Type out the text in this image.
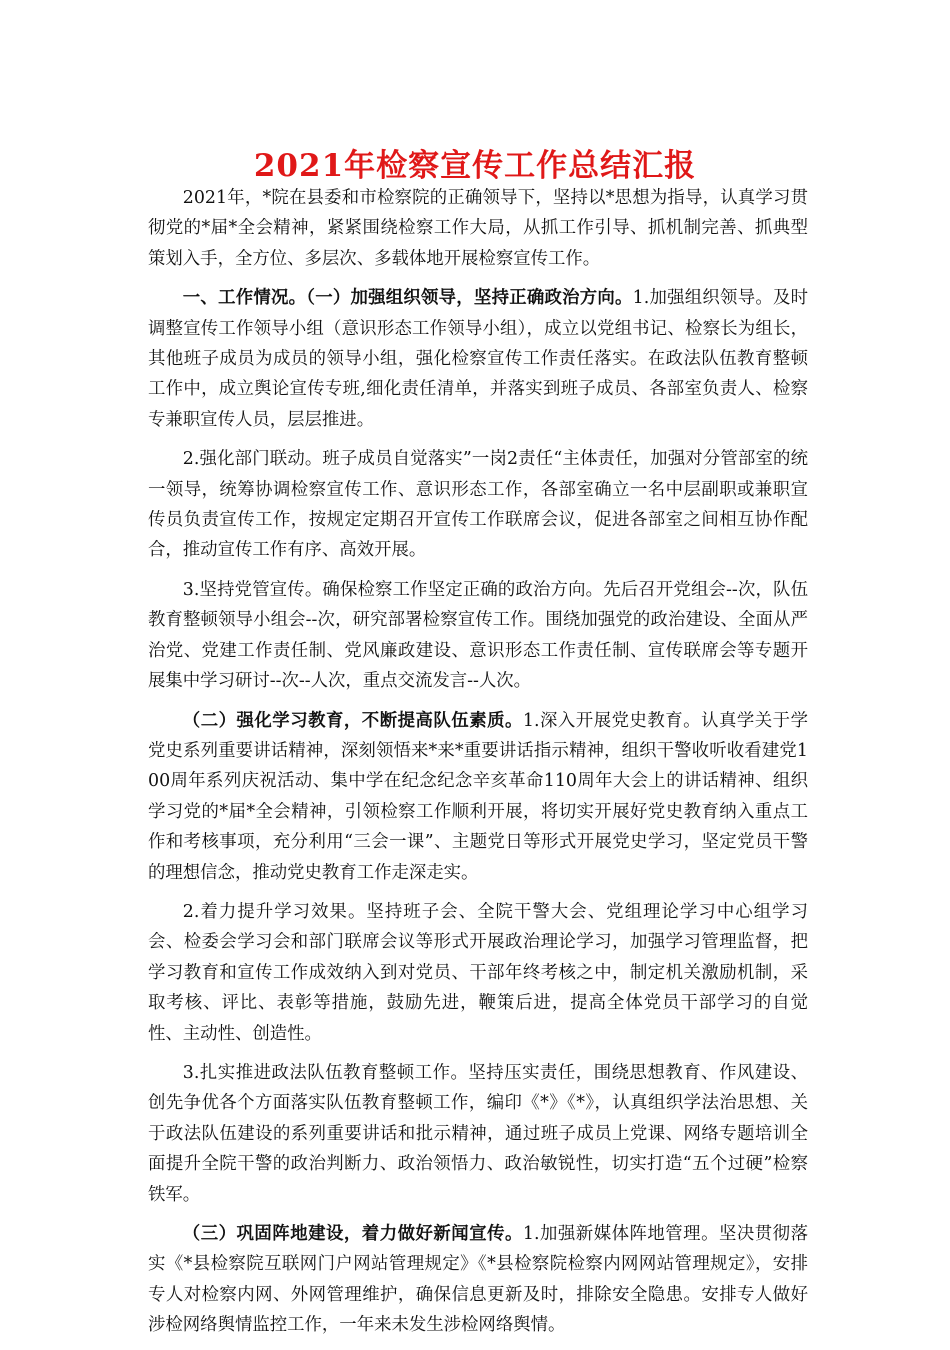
2021年检察宣传工作总结汇报

2021年，*院在县委和市检察院的正确领导下，坚持以*思想为指导，认真学习贯彻党的*届*全会精神，紧紧围绕检察工作大局，从抓工作引导、抓机制完善、抓典型策划入手，全方位、多层次、多载体地开展检察宣传工作。

一、工作情况。（一）加强组织领导，坚持正确政治方向。1.加强组织领导。及时调整宣传工作领导小组（意识形态工作领导小组），成立以党组书记、检察长为组长，其他班子成员为成员的领导小组，强化检察宣传工作责任落实。在政法队伍教育整顿工作中，成立舆论宣传专班,细化责任清单，并落实到班子成员、各部室负责人、检察专兼职宣传人员，层层推进。

2.强化部门联动。班子成员自觉落实”一岗2责任“主体责任，加强对分管部室的统一领导，统筹协调检察宣传工作、意识形态工作，各部室确立一名中层副职或兼职宣传员负责宣传工作，按规定定期召开宣传工作联席会议，促进各部室之间相互协作配合，推动宣传工作有序、高效开展。

3.坚持党管宣传。确保检察工作坚定正确的政治方向。先后召开党组会--次，队伍教育整顿领导小组会--次，研究部署检察宣传工作。围绕加强党的政治建设、全面从严治党、党建工作责任制、党风廉政建设、意识形态工作责任制、宣传联席会等专题开展集中学习研讨--次--人次，重点交流发言--人次。

（二）强化学习教育，不断提高队伍素质。1.深入开展党史教育。认真学关于学党史系列重要讲话精神，深刻领悟来*来*重要讲话指示精神，组织干警收听收看建党100周年系列庆祝活动、集中学在纪念纪念辛亥革命110周年大会上的讲话精神、组织学习党的*届*全会精神，引领检察工作顺利开展，将切实开展好党史教育纳入重点工作和考核事项，充分利用“三会一课”、主题党日等形式开展党史学习，坚定党员干警的理想信念，推动党史教育工作走深走实。

2.着力提升学习效果。坚持班子会、全院干警大会、党组理论学习中心组学习会、检委会学习会和部门联席会议等形式开展政治理论学习，加强学习管理监督，把学习教育和宣传工作成效纳入到对党员、干部年终考核之中，制定机关激励机制，采取考核、评比、表彰等措施，鼓励先进，鞭策后进，提高全体党员干部学习的自觉性、主动性、创造性。

3.扎实推进政法队伍教育整顿工作。坚持压实责任，围绕思想教育、作风建设、创先争优各个方面落实队伍教育整顿工作，编印《*》《*》，认真组织学法治思想、关于政法队伍建设的系列重要讲话和批示精神，通过班子成员上党课、网络专题培训全面提升全院干警的政治判断力、政治领悟力、政治敏锐性，切实打造“五个过硬”检察铁军。

（三）巩固阵地建设，着力做好新闻宣传。1.加强新媒体阵地管理。坚决贯彻落实《*县检察院互联网门户网站管理规定》《*县检察院检察内网网站管理规定》，安排专人对检察内网、外网管理维护，确保信息更新及时，排除安全隐患。安排专人做好涉检网络舆情监控工作，一年来未发生涉检网络舆情。
